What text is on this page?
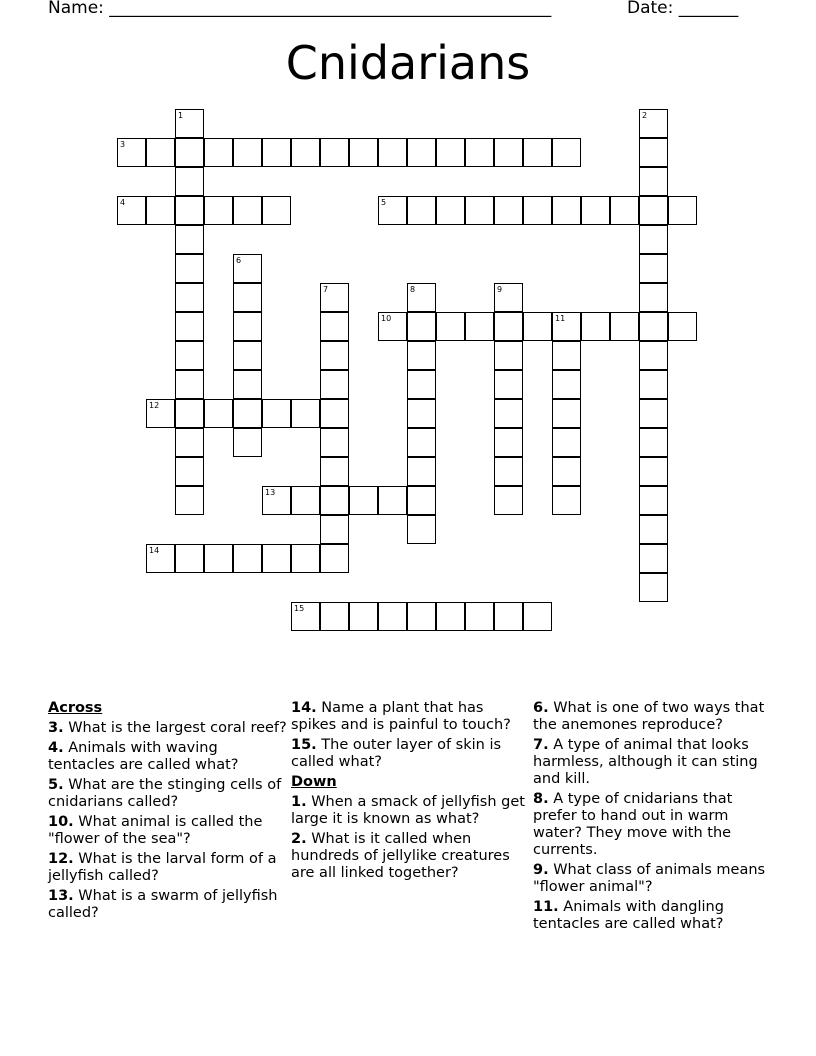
Name: ____________________________________________________	Date: _______
Cnidarians
1	2
3
4	5
6
7	8	9
10	11
12
13
14
15
Across
3. What is the largest coral reef?
4. Animals with waving tentacles are called what?
5. What are the stinging cells of cnidarians called?
10. What animal is called the "flower of the sea"?
12. What is the larval form of a jellyfish called?
13. What is a swarm of jellyfish called?
14. Name a plant that has spikes and is painful to touch?
15. The outer layer of skin is called what?
Down
1. When a smack of jellyfish get large it is known as what?
2. What is it called when hundreds of jellylike creatures are all linked together?
6. What is one of two ways that the anemones reproduce?
7. A type of animal that looks harmless, although it can sting and kill.
8. A type of cnidarians that prefer to hand out in warm water? They move with the currents.
9. What class of animals means "flower animal"?
11. Animals with dangling tentacles are called what?
